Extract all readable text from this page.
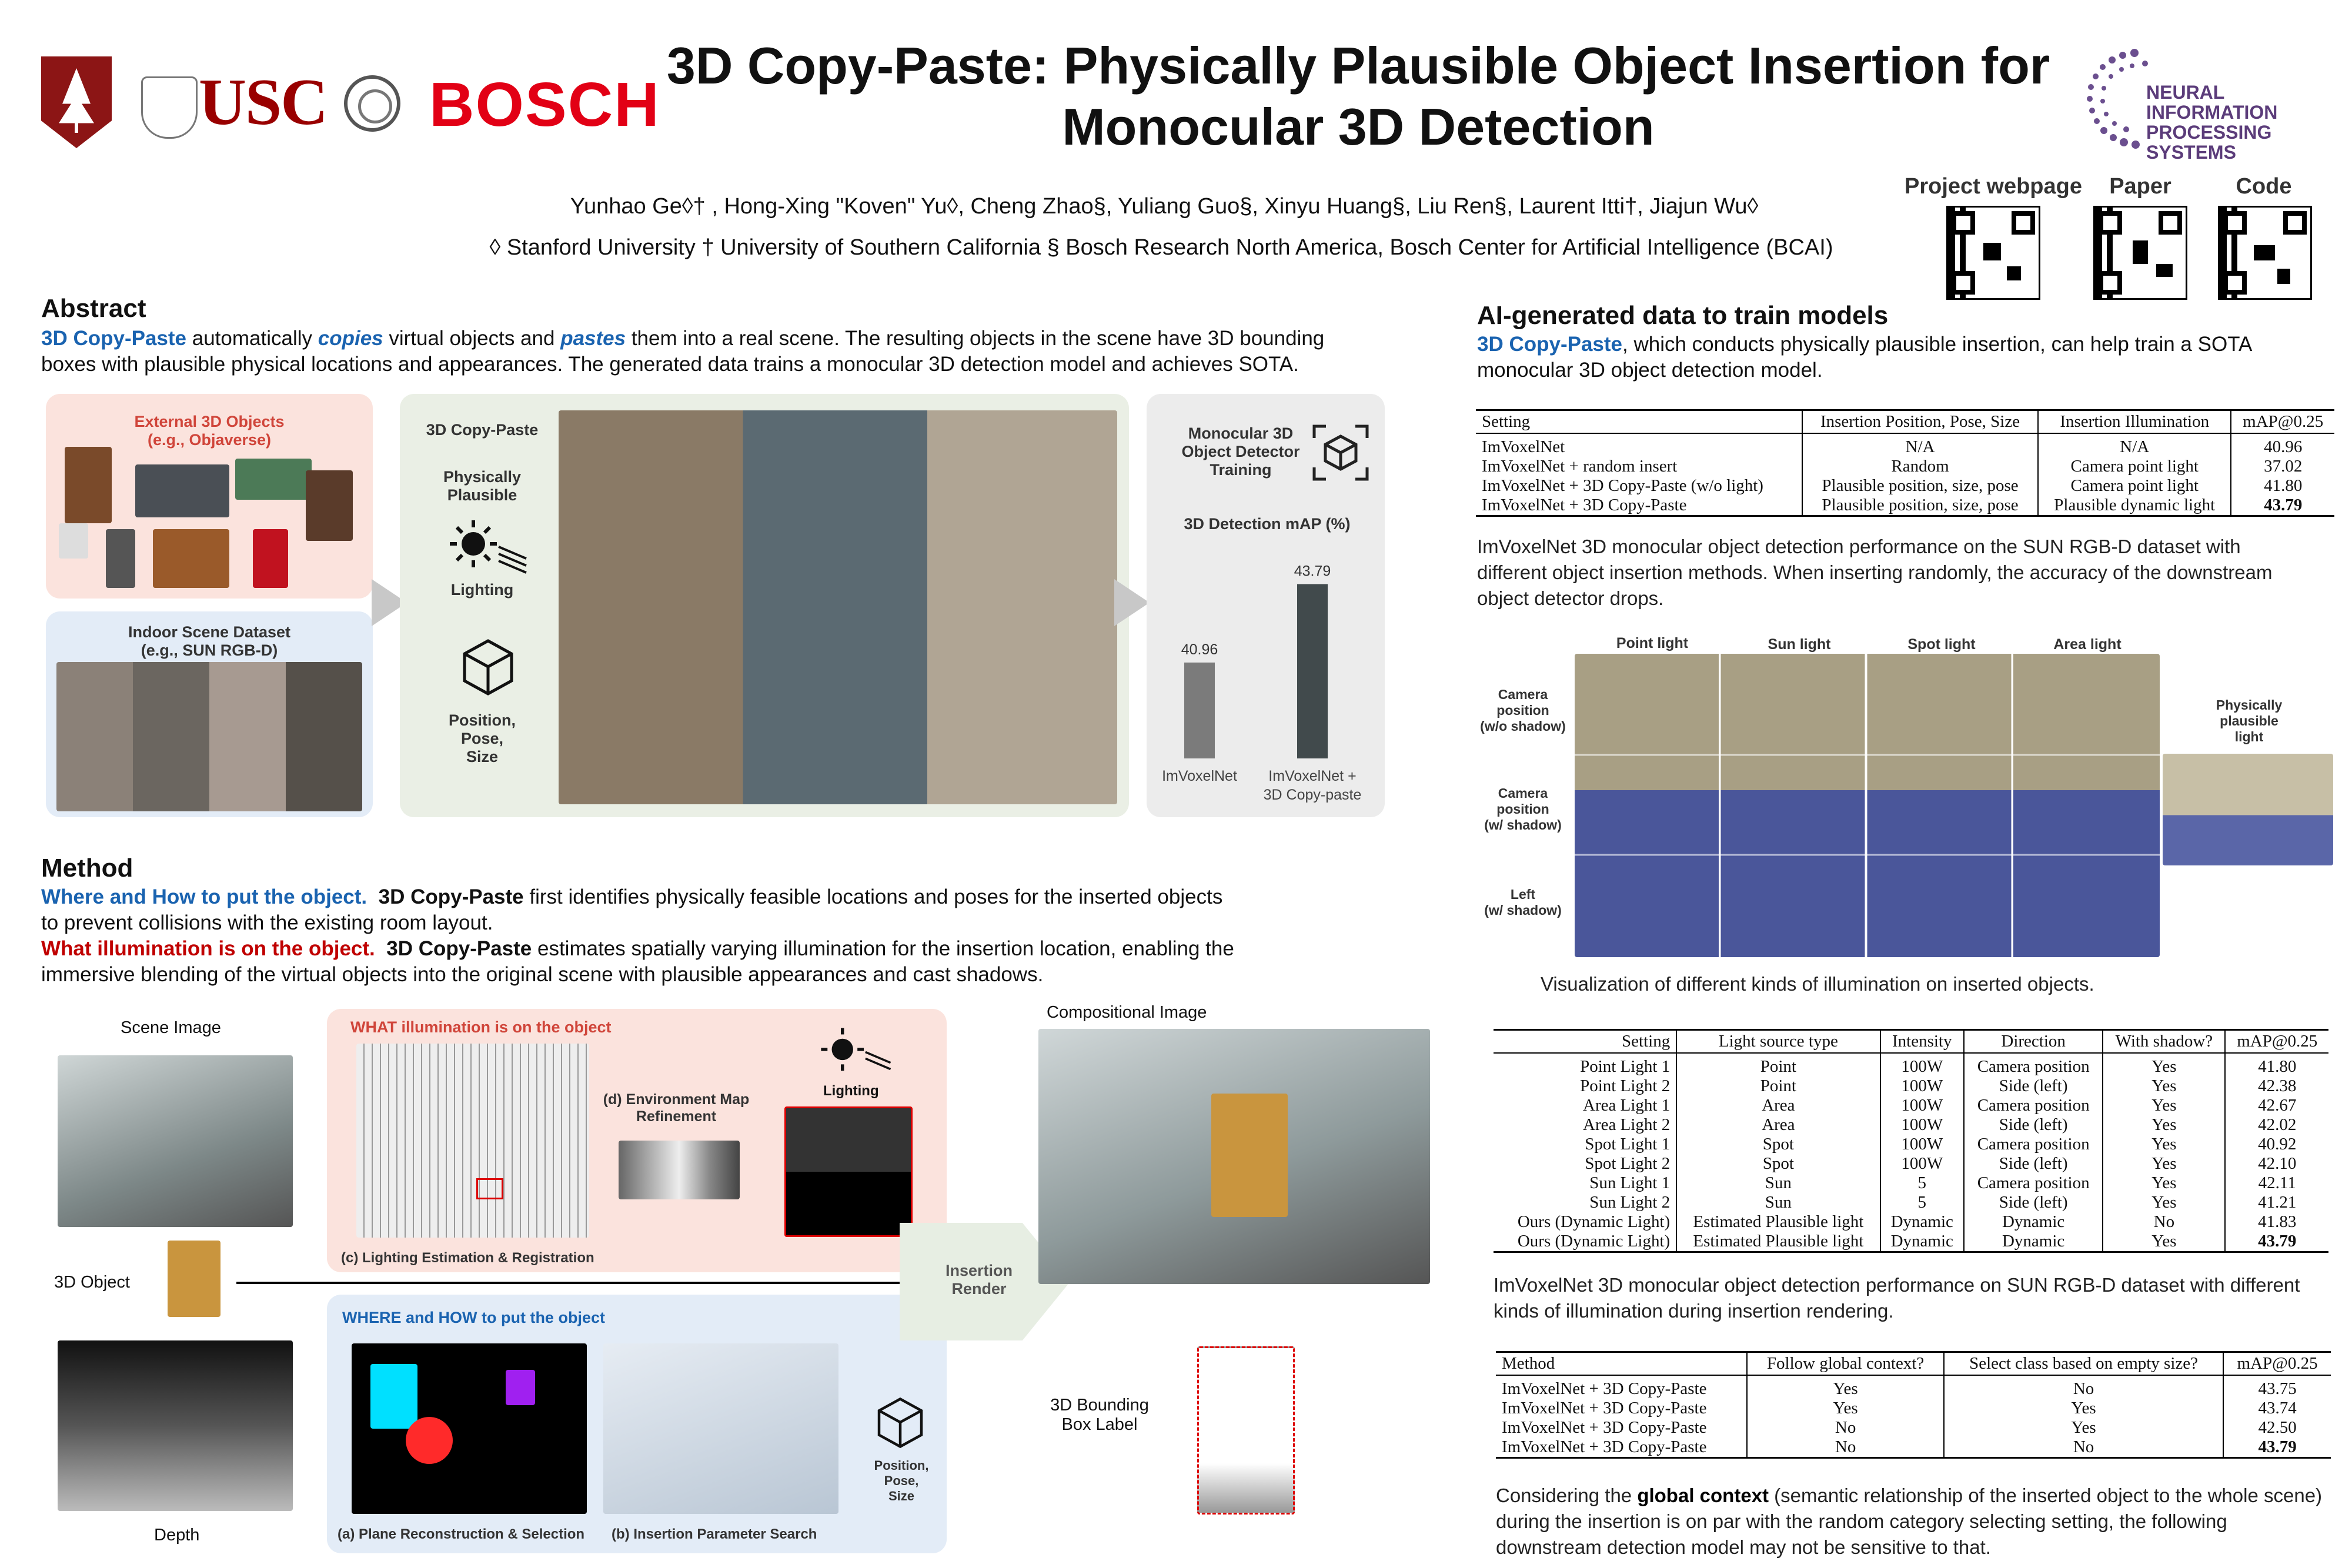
USC BOSCH
3D Copy-Paste: Physically Plausible Object Insertion for
Monocular 3D Detection
NEURAL INFORMATION
PROCESSING SYSTEMS
Yunhao Ge◊† , Hong-Xing "Koven" Yu◊, Cheng Zhao§, Yuliang Guo§, Xinyu Huang§, Liu Ren§, Laurent Itti†, Jiajun Wu◊
◊ Stanford University † University of Southern California § Bosch Research North America, Bosch Center for Artificial Intelligence (BCAI)
Project webpage	Paper	Code
Abstract
3D Copy-Paste automatically copies virtual objects and pastes them into a real scene. The resulting objects in the scene have 3D bounding
boxes with plausible physical locations and appearances. The generated data trains a monocular 3D detection model and achieves SOTA.
External 3D Objects
(e.g., Objaverse)
Indoor Scene Dataset
(e.g., SUN RGB-D)
3D Copy-Paste
Physically
Plausible
Lighting
Position,
Pose,
Size
Monocular 3D
Object Detector
Training
3D Detection mAP (%)
40.96
ImVoxelNet
43.79
ImVoxelNet +
3D Copy-paste
Method
Where and How to put the object. 3D Copy-Paste first identifies physically feasible locations and poses for the inserted objects
to prevent collisions with the existing room layout.
What illumination is on the object. 3D Copy-Paste estimates spatially varying illumination for the insertion location, enabling the
immersive blending of the virtual objects into the original scene with plausible appearances and cast shadows.
Scene Image
3D Object
Depth
WHAT illumination is on the object
(c) Lighting Estimation & Registration
(d) Environment Map
Refinement
Lighting
WHERE and HOW to put the object
(a) Plane Reconstruction & Selection (b) Insertion Parameter Search
Position,
Pose,
Size
Insertion
Render
Compositional Image
3D Bounding
Box Label
AI-generated data to train models
3D Copy-Paste, which conducts physically plausible insertion, can help train a SOTA
monocular 3D object detection model.
Setting	Insertion Position, Pose, Size	Insertion Illumination	mAP@0.25
ImVoxelNet	N/A	N/A	40.96
ImVoxelNet + random insert	Random	Camera point light	37.02
ImVoxelNet + 3D Copy-Paste (w/o light)	Plausible position, size, pose	Camera point light	41.80
ImVoxelNet + 3D Copy-Paste	Plausible position, size, pose	Plausible dynamic light	43.79
ImVoxelNet 3D monocular object detection performance on the SUN RGB-D dataset with
different object insertion methods. When inserting randomly, the accuracy of the downstream
object detector drops.
Point light	Sun light	Spot light	Area light
Camera
position
(w/o shadow)
Camera
position
(w/ shadow)
Left
(w/ shadow)
Physically
plausible
light
Visualization of different kinds of illumination on inserted objects.
Setting	Light source type	Intensity	Direction	With shadow?	mAP@0.25
Point Light 1	Point	100W	Camera position	Yes	41.80
Point Light 2	Point	100W	Side (left)	Yes	42.38
Area Light 1	Area	100W	Camera position	Yes	42.67
Area Light 2	Area	100W	Side (left)	Yes	42.02
Spot Light 1	Spot	100W	Camera position	Yes	40.92
Spot Light 2	Spot	100W	Side (left)	Yes	42.10
Sun Light 1	Sun	5	Camera position	Yes	42.11
Sun Light 2	Sun	5	Side (left)	Yes	41.21
Ours (Dynamic Light)	Estimated Plausible light	Dynamic	Dynamic	No	41.83
Ours (Dynamic Light)	Estimated Plausible light	Dynamic	Dynamic	Yes	43.79
ImVoxelNet 3D monocular object detection performance on SUN RGB-D dataset with different
kinds of illumination during insertion rendering.
Method	Follow global context?	Select class based on empty size?	mAP@0.25
ImVoxelNet + 3D Copy-Paste	Yes	No	43.75
ImVoxelNet + 3D Copy-Paste	Yes	Yes	43.74
ImVoxelNet + 3D Copy-Paste	No	Yes	42.50
ImVoxelNet + 3D Copy-Paste	No	No	43.79
Considering the global context (semantic relationship of the inserted object to the whole scene)
during the insertion is on par with the random category selecting setting, the following
downstream detection model may not be sensitive to that.
